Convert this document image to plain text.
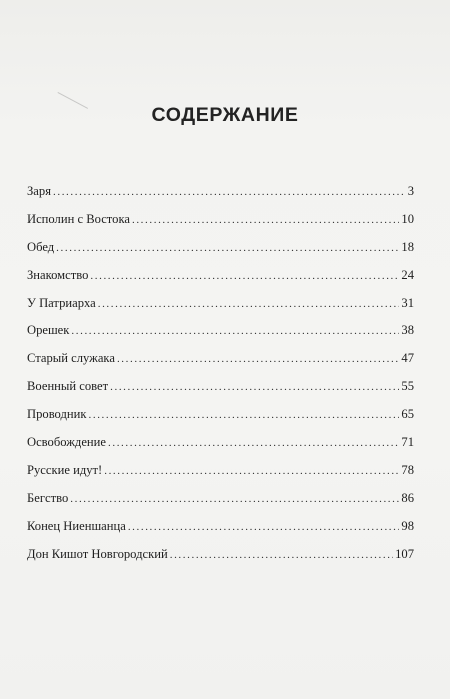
СОДЕРЖАНИЕ
Заря .....	3
Исполин с Востока .....	10
Обед .....	18
Знакомство .....	24
У Патриарха .....	31
Орешек .....	38
Старый служака .....	47
Военный совет .....	55
Проводник .....	65
Освобождение .....	71
Русские идут! .....	78
Бегство .....	86
Конец Ниеншанца .....	98
Дон Кишот Новгородский .....	107
